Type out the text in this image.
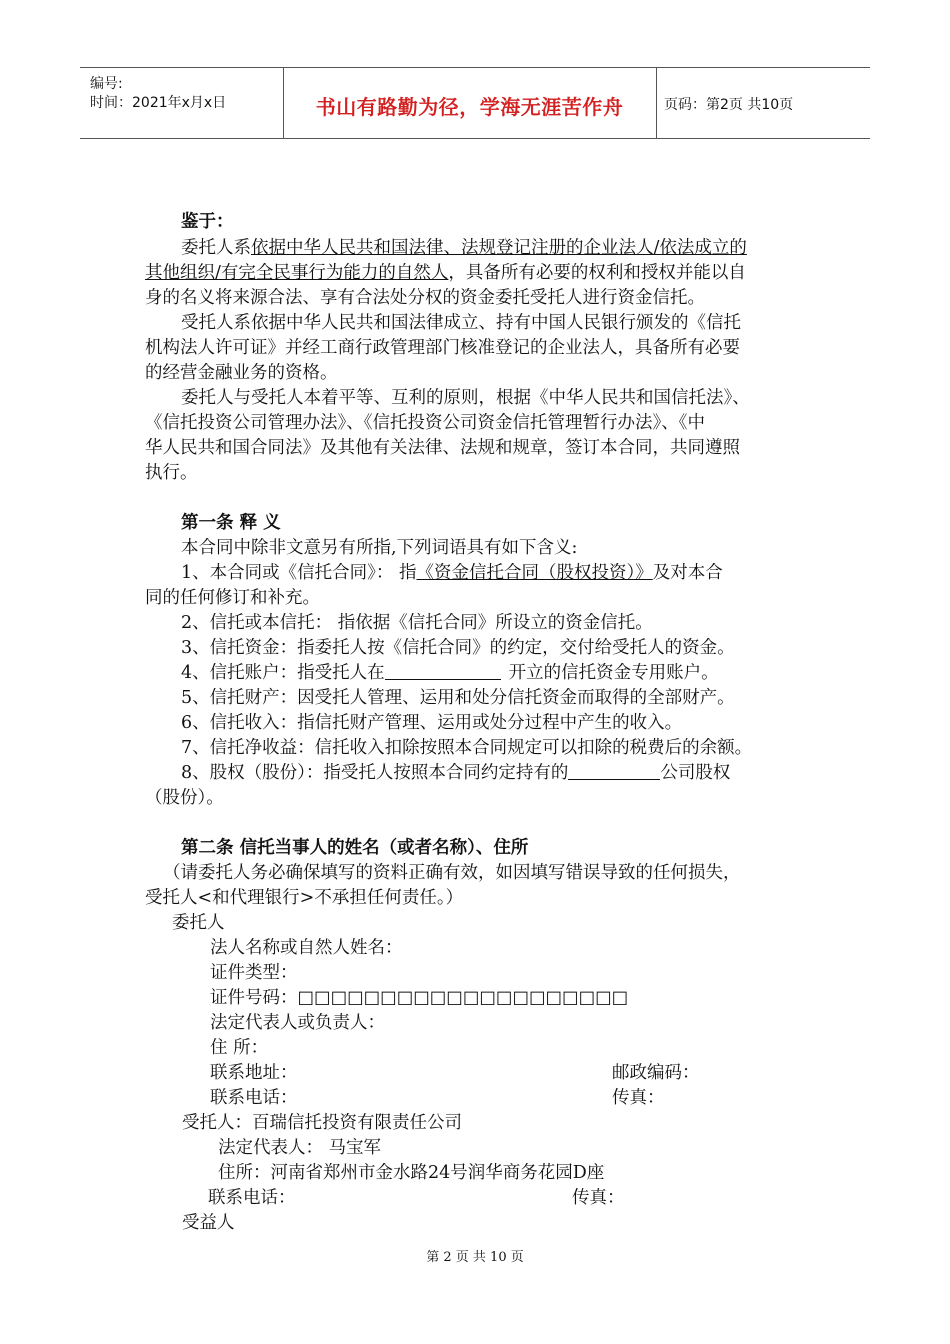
编号:
时间：2021年x月x日	书山有路勤为径，学海无涯苦作舟	页码：第2页 共10页
鉴于：
委托人系依据中华人民共和国法律、法规登记注册的企业法人/依法成立的
其他组织/有完全民事行为能力的自然人，具备所有必要的权利和授权并能以自
身的名义将来源合法、享有合法处分权的资金委托受托人进行资金信托。
受托人系依据中华人民共和国法律成立、持有中国人民银行颁发的《信托
机构法人许可证》并经工商行政管理部门核准登记的企业法人，具备所有必要
的经营金融业务的资格。
委托人与受托人本着平等、互利的原则，根据《中华人民共和国信托法》、
《信托投资公司管理办法》、《信托投资公司资金信托管理暂行办法》、《中
华人民共和国合同法》及其他有关法律、法规和规章，签订本合同，共同遵照
执行。
第一条 释 义
本合同中除非文意另有所指,下列词语具有如下含义:
1、本合同或《信托合同》： 指《资金信托合同（股权投资）》及对本合
同的任何修订和补充。
2、信托或本信托： 指依据《信托合同》所设立的资金信托。
3、信托资金：指委托人按《信托合同》的约定，交付给受托人的资金。
4、信托账户：指受托人在	开立的信托资金专用账户。
5、信托财产：因受托人管理、运用和处分信托资金而取得的全部财产。
6、信托收入：指信托财产管理、运用或处分过程中产生的收入。
7、信托净收益：信托收入扣除按照本合同规定可以扣除的税费后的余额。
8、股权（股份）：指受托人按照本合同约定持有的	公司股权
（股份）。
第二条 信托当事人的姓名（或者名称）、住所
（请委托人务必确保填写的资料正确有效，如因填写错误导致的任何损失，
受托人<和代理银行>不承担任何责任。）
委托人
法人名称或自然人姓名：
证件类型：
证件号码：□□□□□□□□□□□□□□□□□□□□
法定代表人或负责人：
住 所：
联系地址：	邮政编码：
联系电话：	传真：
受托人：百瑞信托投资有限责任公司
法定代表人： 马宝军
住所：河南省郑州市金水路24号润华商务花园D座
联系电话：	传真：
受益人
第 2 页 共 10 页
